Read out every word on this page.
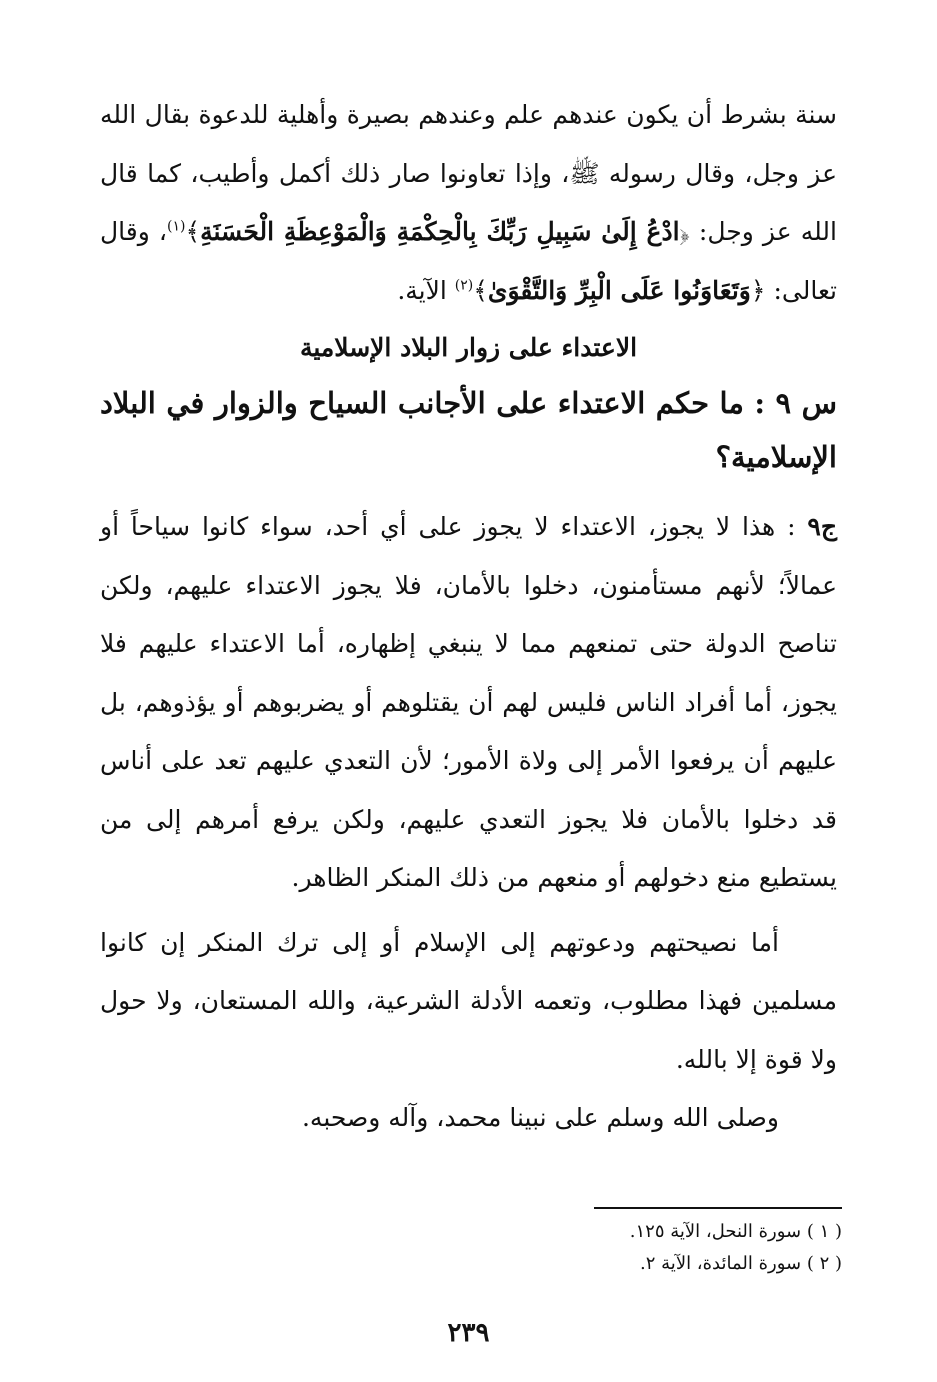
سنة بشرط أن يكون عندهم علم وعندهم بصيرة وأهلية للدعوة بقال الله عز وجل، وقال رسوله ﷺ، وإذا تعاونوا صار ذلك أكمل وأطيب، كما قال الله عز وجل: ﴿ادْعُ إِلَىٰ سَبِيلِ رَبِّكَ بِالْحِكْمَةِ وَالْمَوْعِظَةِ الْحَسَنَةِ﴾$^{(١)}$، وقال تعالى: ﴿وَتَعَاوَنُوا عَلَى الْبِرِّ وَالتَّقْوَىٰ﴾$^{(٢)}$ الآية.

الاعتداء على زوار البلاد الإسلامية

س ٩ : ما حكم الاعتداء على الأجانب السياح والزوار في البلاد الإسلامية؟

ج٩ : هذا لا يجوز، الاعتداء لا يجوز على أي أحد، سواء كانوا سياحاً أو عمالاً؛ لأنهم مستأمنون، دخلوا بالأمان، فلا يجوز الاعتداء عليهم، ولكن تناصح الدولة حتى تمنعهم مما لا ينبغي إظهاره، أما الاعتداء عليهم فلا يجوز، أما أفراد الناس فليس لهم أن يقتلوهم أو يضربوهم أو يؤذوهم، بل عليهم أن يرفعوا الأمر إلى ولاة الأمور؛ لأن التعدي عليهم تعد على أناس قد دخلوا بالأمان فلا يجوز التعدي عليهم، ولكن يرفع أمرهم إلى من يستطيع منع دخولهم أو منعهم من ذلك المنكر الظاهر.

أما نصيحتهم ودعوتهم إلى الإسلام أو إلى ترك المنكر إن كانوا مسلمين فهذا مطلوب، وتعمه الأدلة الشرعية، والله المستعان، ولا حول ولا قوة إلا بالله.

وصلى الله وسلم على نبينا محمد، وآله وصحبه.

( ١ ) سورة النحل، الآية ١٢٥.

( ٢ ) سورة المائدة، الآية ٢.

٢٣٩
